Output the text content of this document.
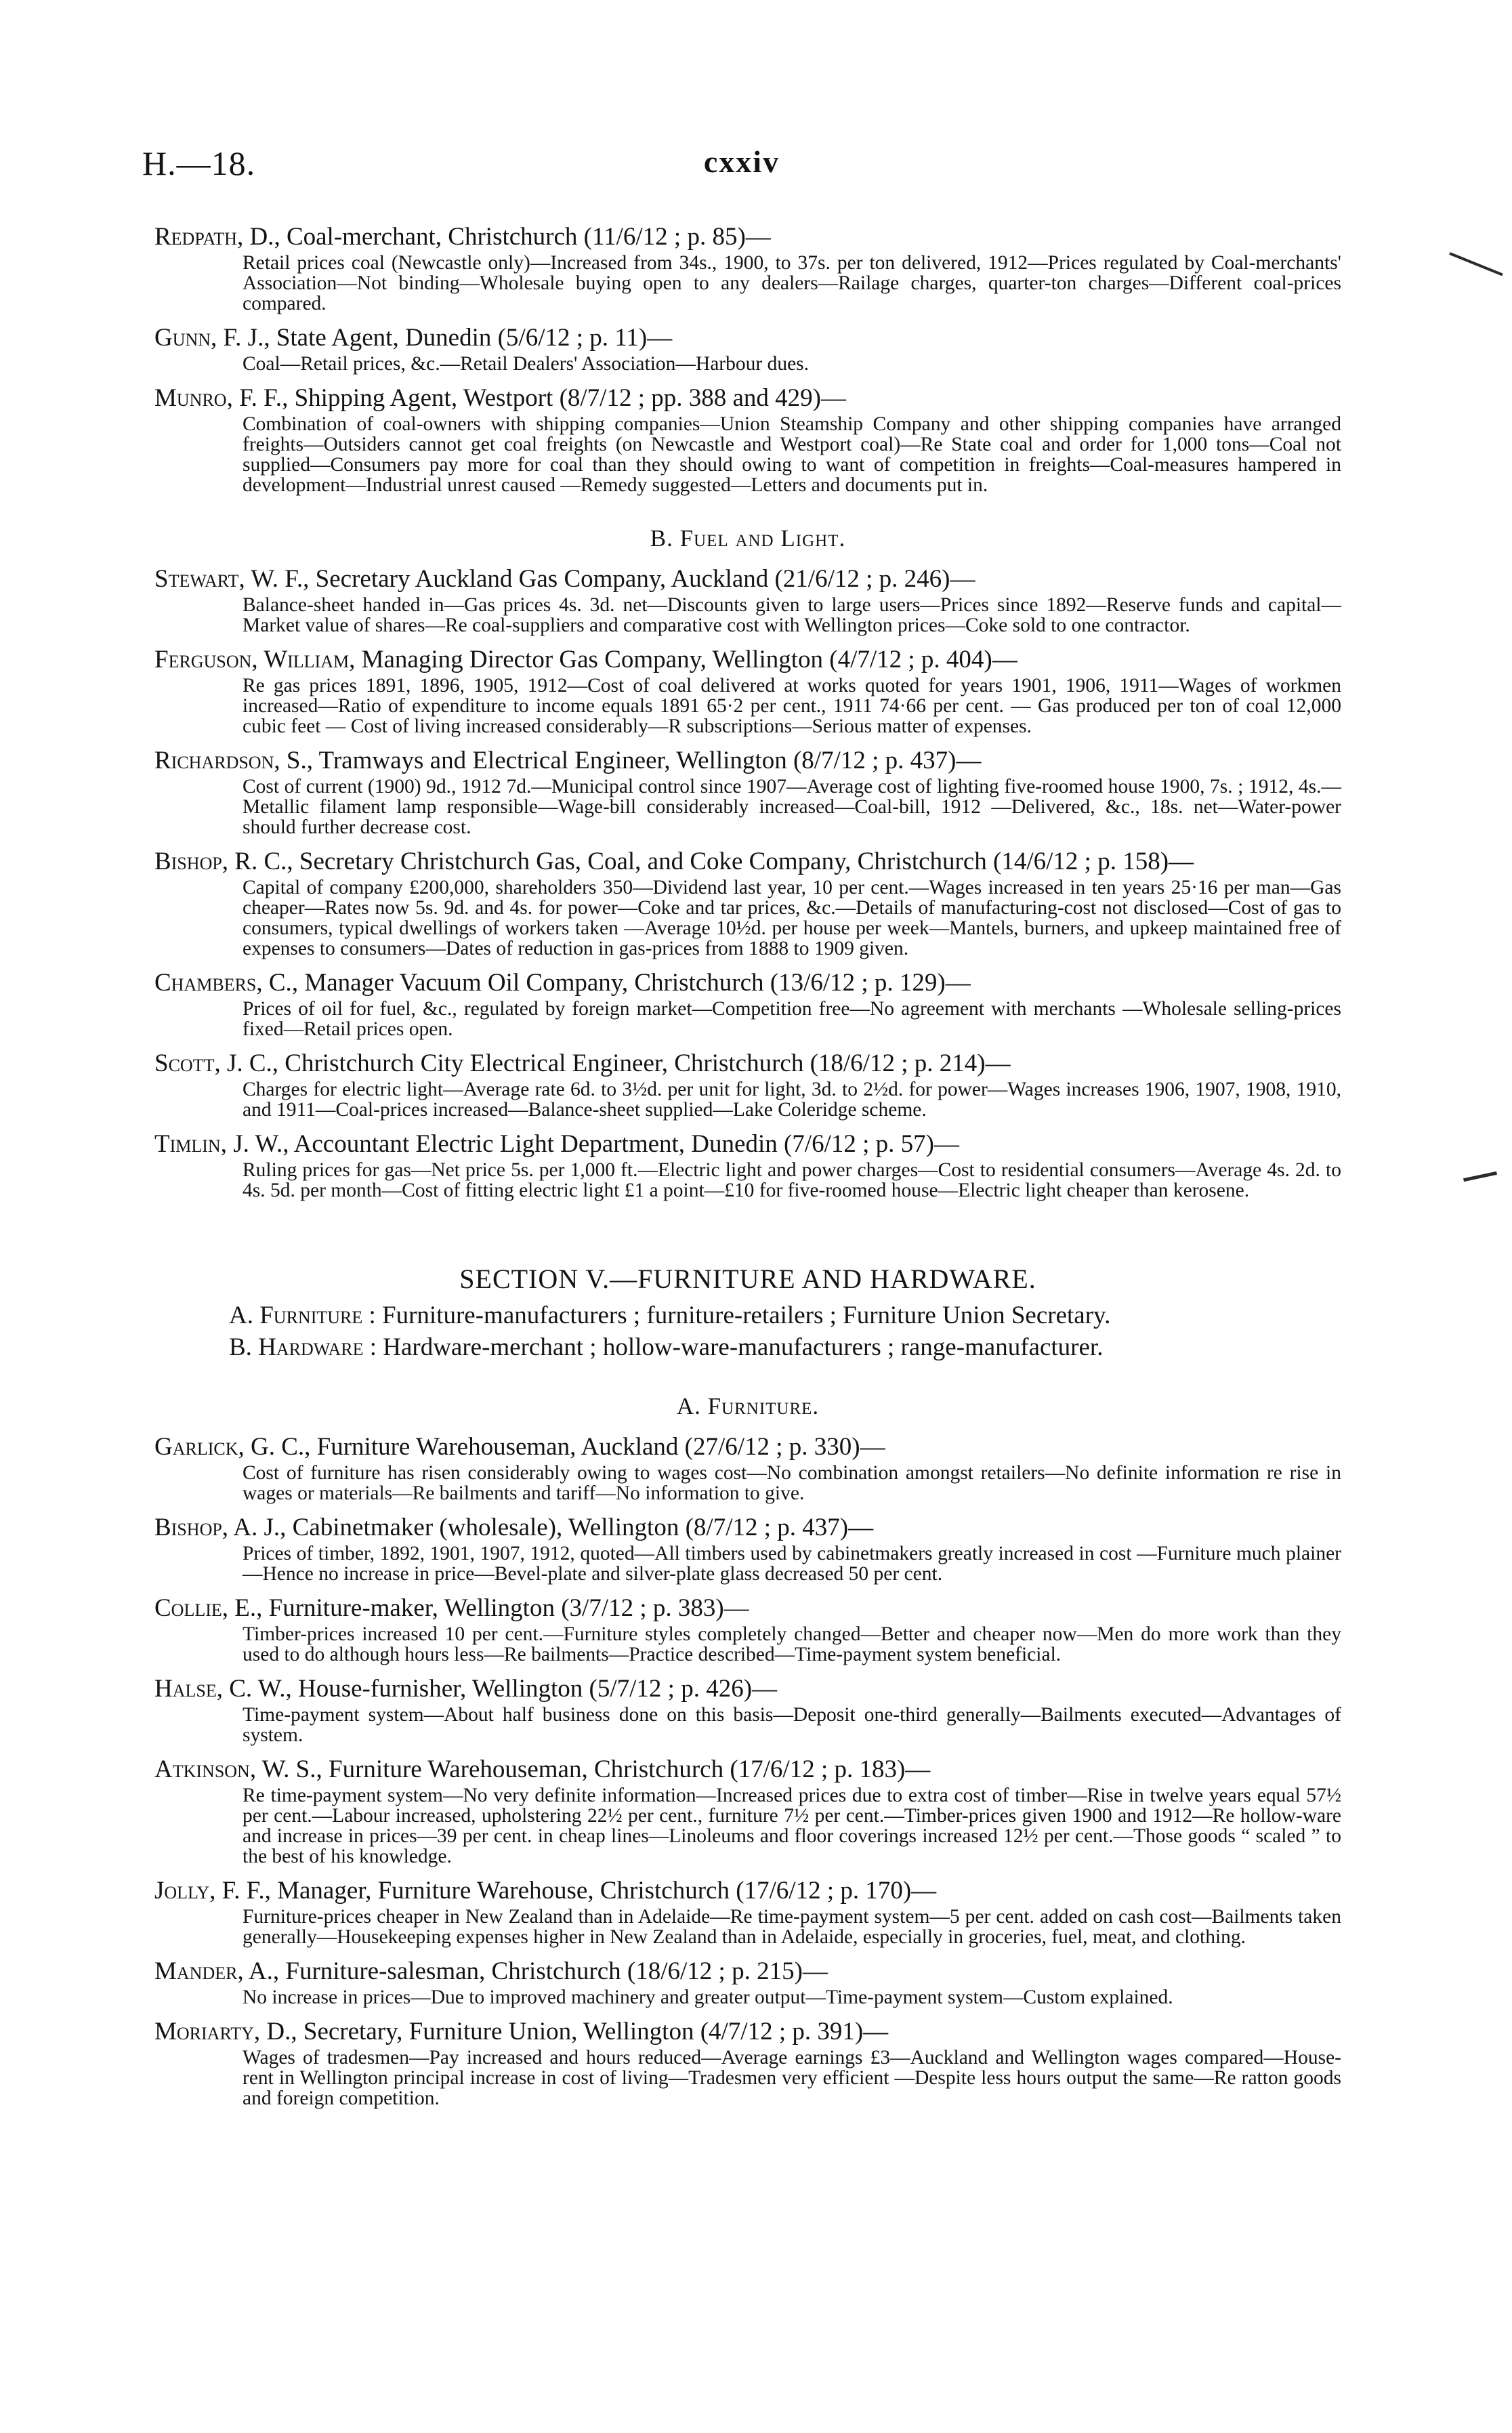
H.—18.	cxxiv
Redpath, D., Coal-merchant, Christchurch (11/6/12 ; p. 85)—
Retail prices coal (Newcastle only)—Increased from 34s., 1900, to 37s. per ton delivered, 1912—Prices regulated by Coal-merchants' Association—Not binding—Wholesale buying open to any dealers—Railage charges, quarter-ton charges—Different coal-prices compared.
Gunn, F. J., State Agent, Dunedin (5/6/12 ; p. 11)—
Coal—Retail prices, &c.—Retail Dealers' Association—Harbour dues.
Munro, F. F., Shipping Agent, Westport (8/7/12 ; pp. 388 and 429)—
Combination of coal-owners with shipping companies—Union Steamship Company and other shipping companies have arranged freights—Outsiders cannot get coal freights (on Newcastle and Westport coal)—Re State coal and order for 1,000 tons—Coal not supplied—Consumers pay more for coal than they should owing to want of competition in freights—Coal-measures hampered in development—Industrial unrest caused —Remedy suggested—Letters and documents put in.
B. Fuel and Light.
Stewart, W. F., Secretary Auckland Gas Company, Auckland (21/6/12 ; p. 246)—
Balance-sheet handed in—Gas prices 4s. 3d. net—Discounts given to large users—Prices since 1892—Reserve funds and capital—Market value of shares—Re coal-suppliers and comparative cost with Wellington prices—Coke sold to one contractor.
Ferguson, William, Managing Director Gas Company, Wellington (4/7/12 ; p. 404)—
Re gas prices 1891, 1896, 1905, 1912—Cost of coal delivered at works quoted for years 1901, 1906, 1911—Wages of workmen increased—Ratio of expenditure to income equals 1891 65·2 per cent., 1911 74·66 per cent. — Gas produced per ton of coal 12,000 cubic feet — Cost of living increased considerably—R subscriptions—Serious matter of expenses.
Richardson, S., Tramways and Electrical Engineer, Wellington (8/7/12 ; p. 437)—
Cost of current (1900) 9d., 1912 7d.—Municipal control since 1907—Average cost of lighting five-roomed house 1900, 7s. ; 1912, 4s.—Metallic filament lamp responsible—Wage-bill considerably increased—Coal-bill, 1912 —Delivered, &c., 18s. net—Water-power should further decrease cost.
Bishop, R. C., Secretary Christchurch Gas, Coal, and Coke Company, Christchurch (14/6/12 ; p. 158)—
Capital of company £200,000, shareholders 350—Dividend last year, 10 per cent.—Wages increased in ten years 25·16 per man—Gas cheaper—Rates now 5s. 9d. and 4s. for power—Coke and tar prices, &c.—Details of manufacturing-cost not disclosed—Cost of gas to consumers, typical dwellings of workers taken —Average 10½d. per house per week—Mantels, burners, and upkeep maintained free of expenses to consumers—Dates of reduction in gas-prices from 1888 to 1909 given.
Chambers, C., Manager Vacuum Oil Company, Christchurch (13/6/12 ; p. 129)—
Prices of oil for fuel, &c., regulated by foreign market—Competition free—No agreement with merchants —Wholesale selling-prices fixed—Retail prices open.
Scott, J. C., Christchurch City Electrical Engineer, Christchurch (18/6/12 ; p. 214)—
Charges for electric light—Average rate 6d. to 3½d. per unit for light, 3d. to 2½d. for power—Wages increases 1906, 1907, 1908, 1910, and 1911—Coal-prices increased—Balance-sheet supplied—Lake Coleridge scheme.
Timlin, J. W., Accountant Electric Light Department, Dunedin (7/6/12 ; p. 57)—
Ruling prices for gas—Net price 5s. per 1,000 ft.—Electric light and power charges—Cost to residential consumers—Average 4s. 2d. to 4s. 5d. per month—Cost of fitting electric light £1 a point—£10 for five-roomed house—Electric light cheaper than kerosene.
SECTION V.—FURNITURE AND HARDWARE.
A. Furniture : Furniture-manufacturers ; furniture-retailers ; Furniture Union Secretary.
B. Hardware : Hardware-merchant ; hollow-ware-manufacturers ; range-manufacturer.
A. Furniture.
Garlick, G. C., Furniture Warehouseman, Auckland (27/6/12 ; p. 330)—
Cost of furniture has risen considerably owing to wages cost—No combination amongst retailers—No definite information re rise in wages or materials—Re bailments and tariff—No information to give.
Bishop, A. J., Cabinetmaker (wholesale), Wellington (8/7/12 ; p. 437)—
Prices of timber, 1892, 1901, 1907, 1912, quoted—All timbers used by cabinetmakers greatly increased in cost —Furniture much plainer—Hence no increase in price—Bevel-plate and silver-plate glass decreased 50 per cent.
Collie, E., Furniture-maker, Wellington (3/7/12 ; p. 383)—
Timber-prices increased 10 per cent.—Furniture styles completely changed—Better and cheaper now—Men do more work than they used to do although hours less—Re bailments—Practice described—Time-payment system beneficial.
Halse, C. W., House-furnisher, Wellington (5/7/12 ; p. 426)—
Time-payment system—About half business done on this basis—Deposit one-third generally—Bailments executed—Advantages of system.
Atkinson, W. S., Furniture Warehouseman, Christchurch (17/6/12 ; p. 183)—
Re time-payment system—No very definite information—Increased prices due to extra cost of timber—Rise in twelve years equal 57½ per cent.—Labour increased, upholstering 22½ per cent., furniture 7½ per cent.—Timber-prices given 1900 and 1912—Re hollow-ware and increase in prices—39 per cent. in cheap lines—Linoleums and floor coverings increased 12½ per cent.—Those goods “ scaled ” to the best of his knowledge.
Jolly, F. F., Manager, Furniture Warehouse, Christchurch (17/6/12 ; p. 170)—
Furniture-prices cheaper in New Zealand than in Adelaide—Re time-payment system—5 per cent. added on cash cost—Bailments taken generally—Housekeeping expenses higher in New Zealand than in Adelaide, especially in groceries, fuel, meat, and clothing.
Mander, A., Furniture-salesman, Christchurch (18/6/12 ; p. 215)—
No increase in prices—Due to improved machinery and greater output—Time-payment system—Custom explained.
Moriarty, D., Secretary, Furniture Union, Wellington (4/7/12 ; p. 391)—
Wages of tradesmen—Pay increased and hours reduced—Average earnings £3—Auckland and Wellington wages compared—House-rent in Wellington principal increase in cost of living—Tradesmen very efficient —Despite less hours output the same—Re ratton goods and foreign competition.
